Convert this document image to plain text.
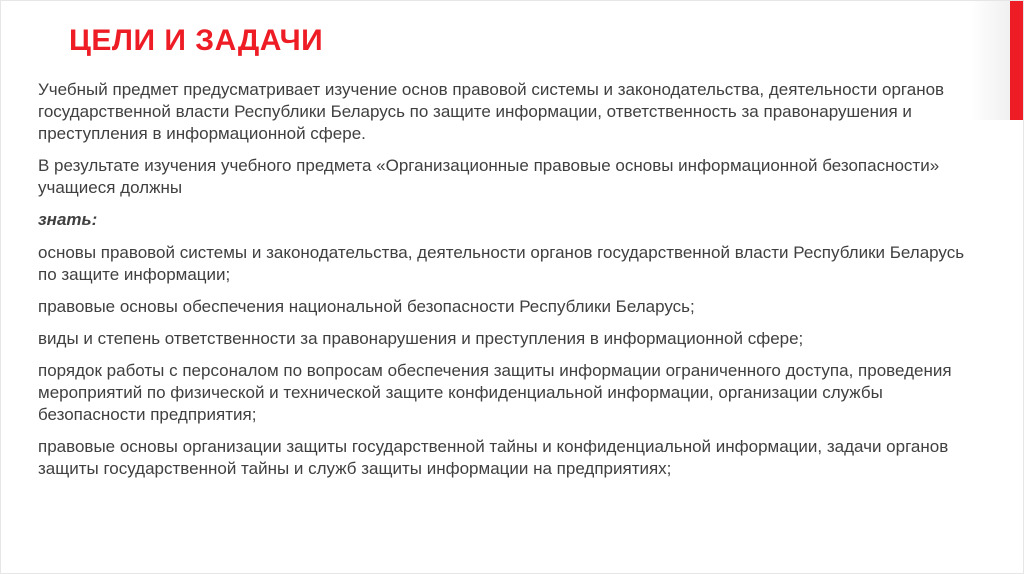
ЦЕЛИ И ЗАДАЧИ

Учебный предмет предусматривает изучение основ правовой системы и законодательства, деятельности органов государственной власти Республики Беларусь по защите информации, ответственность за правонарушения и преступления в информационной сфере.

В результате изучения учебного предмета «Организационные правовые основы информационной безопасности» учащиеся должны

знать:

основы правовой системы и законодательства, деятельности органов государственной власти Республики Беларусь по защите информации;

правовые основы обеспечения национальной безопасности Республики Беларусь;

виды и степень ответственности за правонарушения и преступления в информационной сфере;

порядок работы с персоналом по вопросам обеспечения защиты информации ограниченного доступа, проведения мероприятий по физической и технической защите конфиденциальной информации, организации службы безопасности предприятия;

правовые основы организации защиты государственной тайны и конфиденциальной информации, задачи органов защиты государственной тайны и служб защиты информации на предприятиях;
